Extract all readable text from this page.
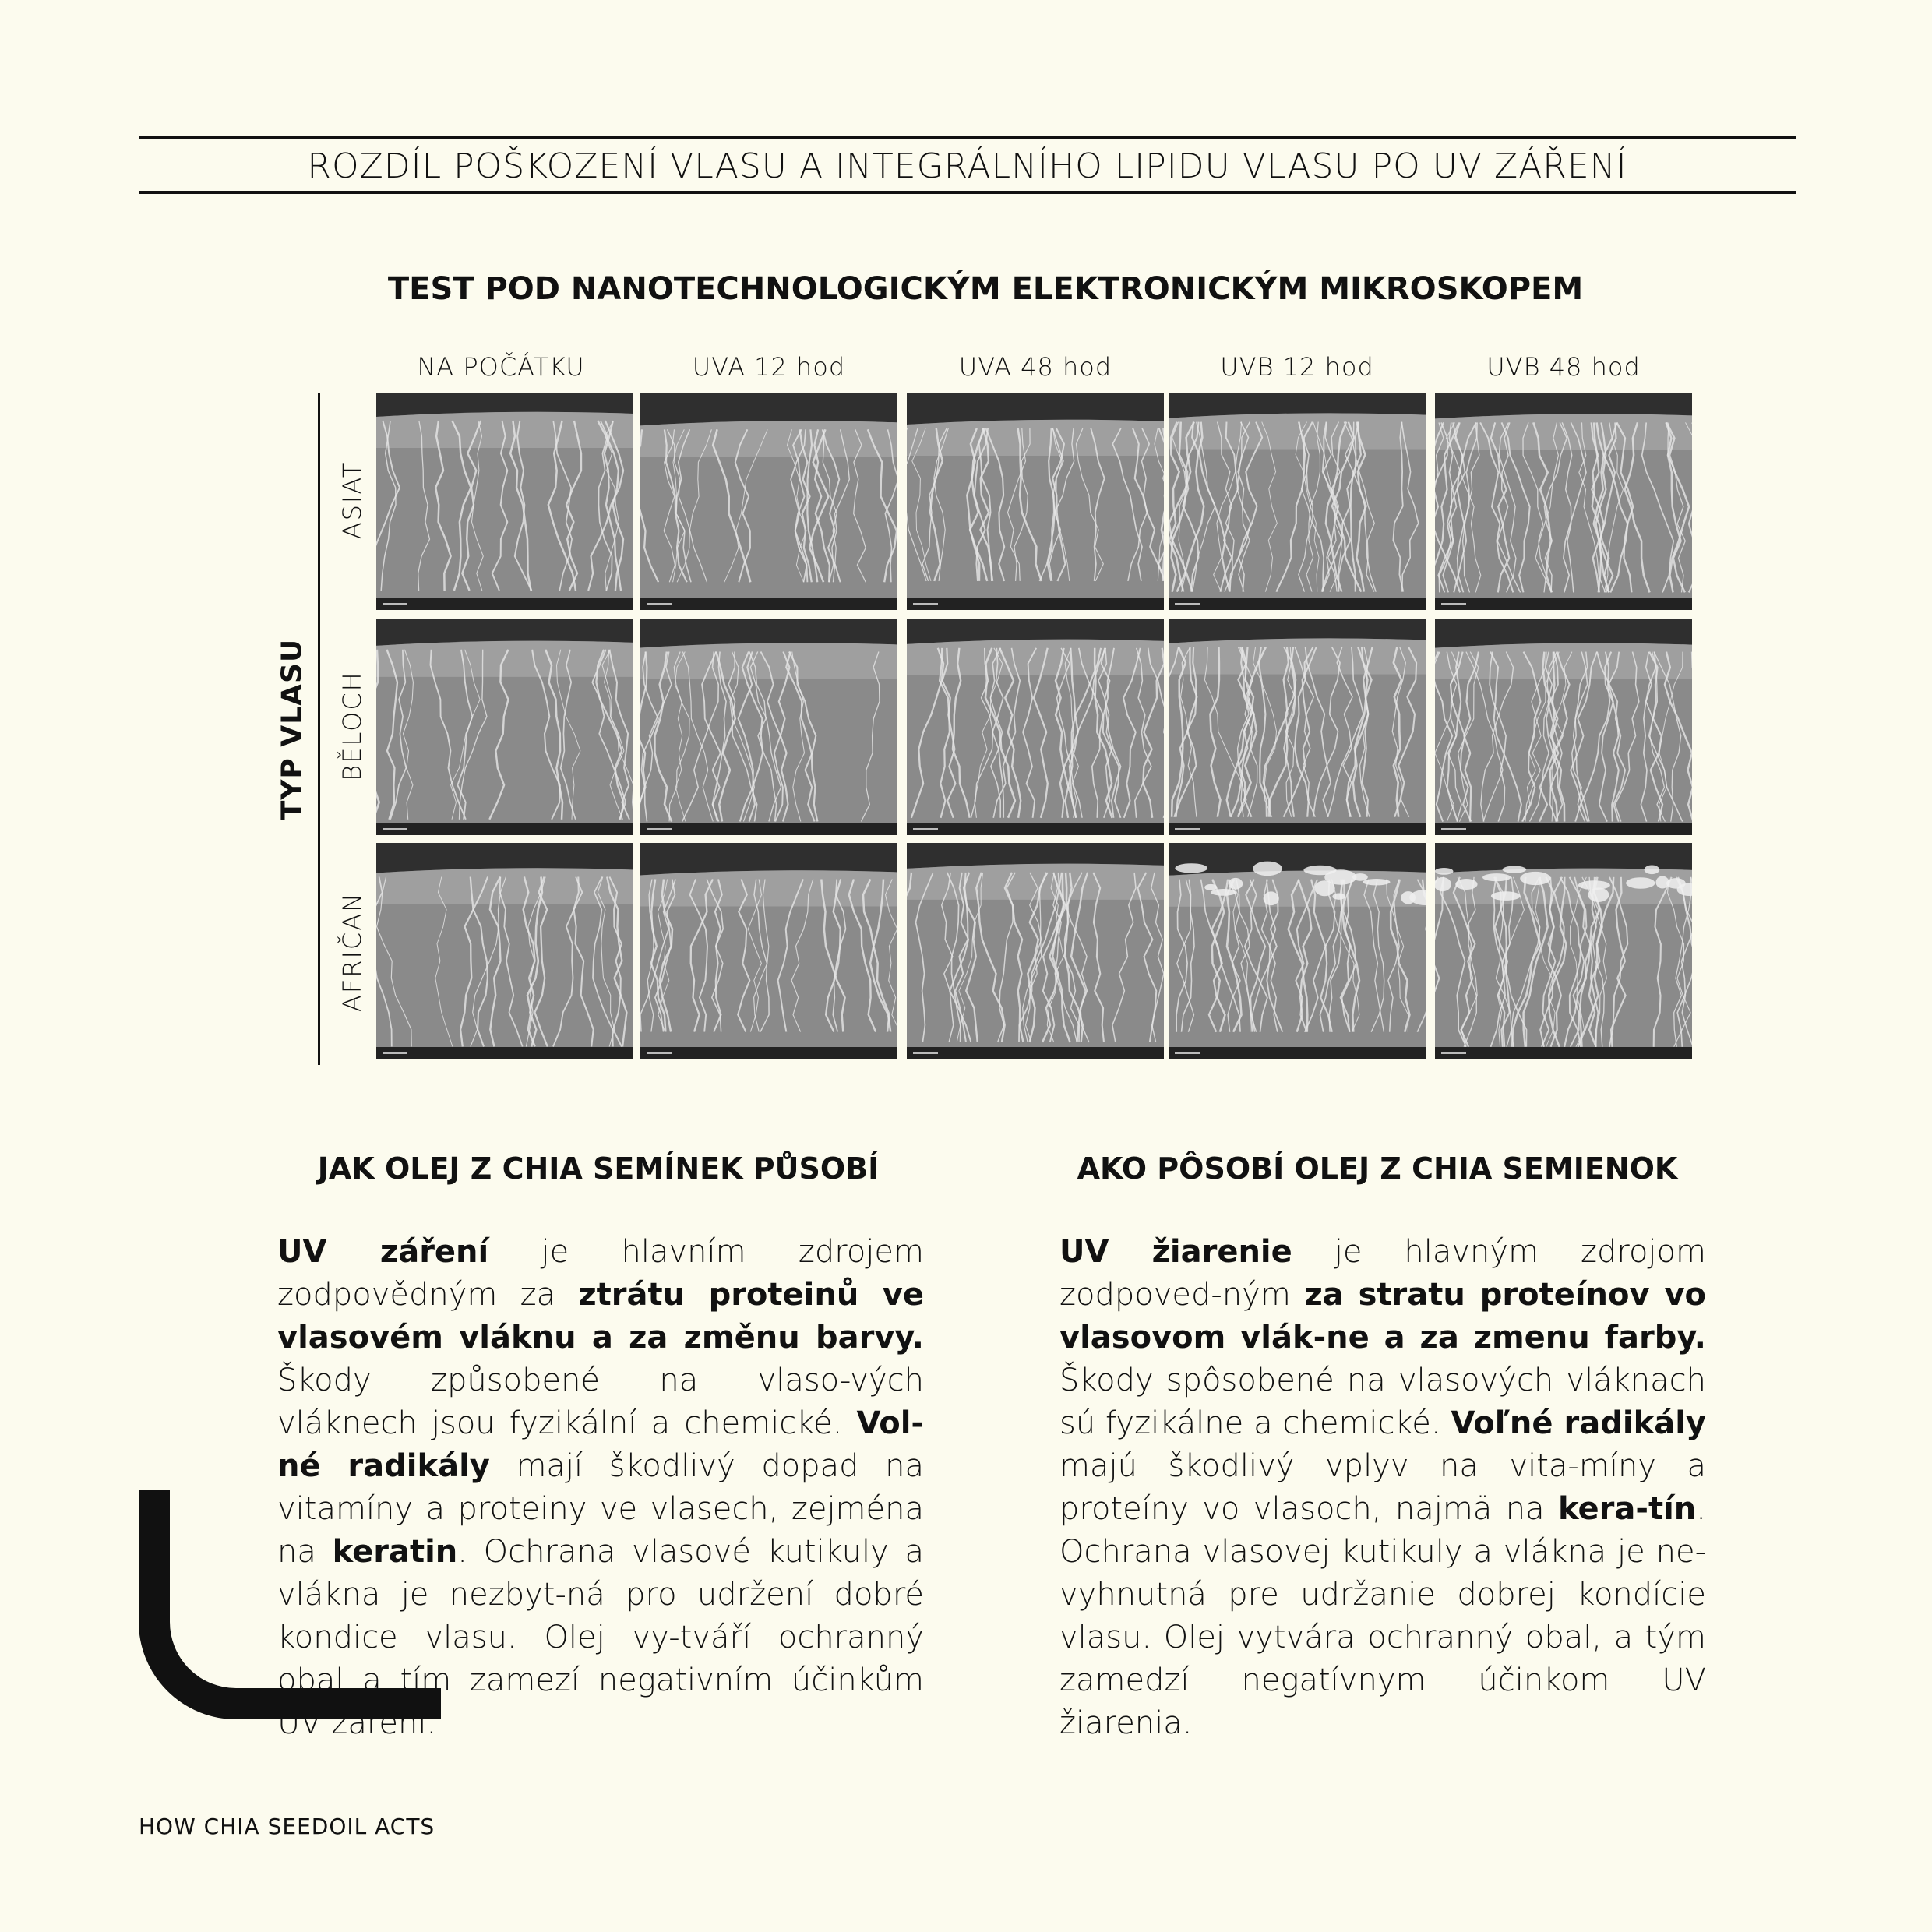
ROZDÍL POŠKOZENÍ VLASU A INTEGRÁLNÍHO LIPIDU VLASU PO UV ZÁŘENÍ
TEST POD NANOTECHNOLOGICKÝM ELEKTRONICKÝM MIKROSKOPEM
NA POČÁTKU	UVA 12 hod	UVA 48 hod	UVB 12 hod	UVB 48 hod
TYP VLASU
ASIAT
BĚLOCH
AFRIČAN
JAK OLEJ Z CHIA SEMÍNEK PŮSOBÍ	AKO PÔSOBÍ OLEJ Z CHIA SEMIENOK
UV záření je hlavním zdrojem zodpovědným za ztrátu proteinů ve vlasovém vláknu a za změnu barvy. Škody způsobené na vlaso-vých vláknech jsou fyzikální a chemické. Vol-né radikály mají škodlivý dopad na vitamíny a proteiny ve vlasech, zejména na keratin. Ochrana vlasové kutikuly a vlákna je nezbyt-ná pro udržení dobré kondice vlasu. Olej vy-tváří ochranný obal a tím zamezí negativním účinkům UV záření.
UV žiarenie je hlavným zdrojom zodpoved-ným za stratu proteínov vo vlasovom vlák-ne a za zmenu farby. Škody spôsobené na vlasových vláknach sú fyzikálne a chemické. Voľné radikály majú škodlivý vplyv na vita-míny a proteíny vo vlasoch, najmä na kera-tín. Ochrana vlasovej kutikuly a vlákna je ne-vyhnutná pre udržanie dobrej kondície vlasu. Olej vytvára ochranný obal, a tým zamedzí negatívnym účinkom UV žiarenia.
HOW CHIA SEEDOIL ACTS
